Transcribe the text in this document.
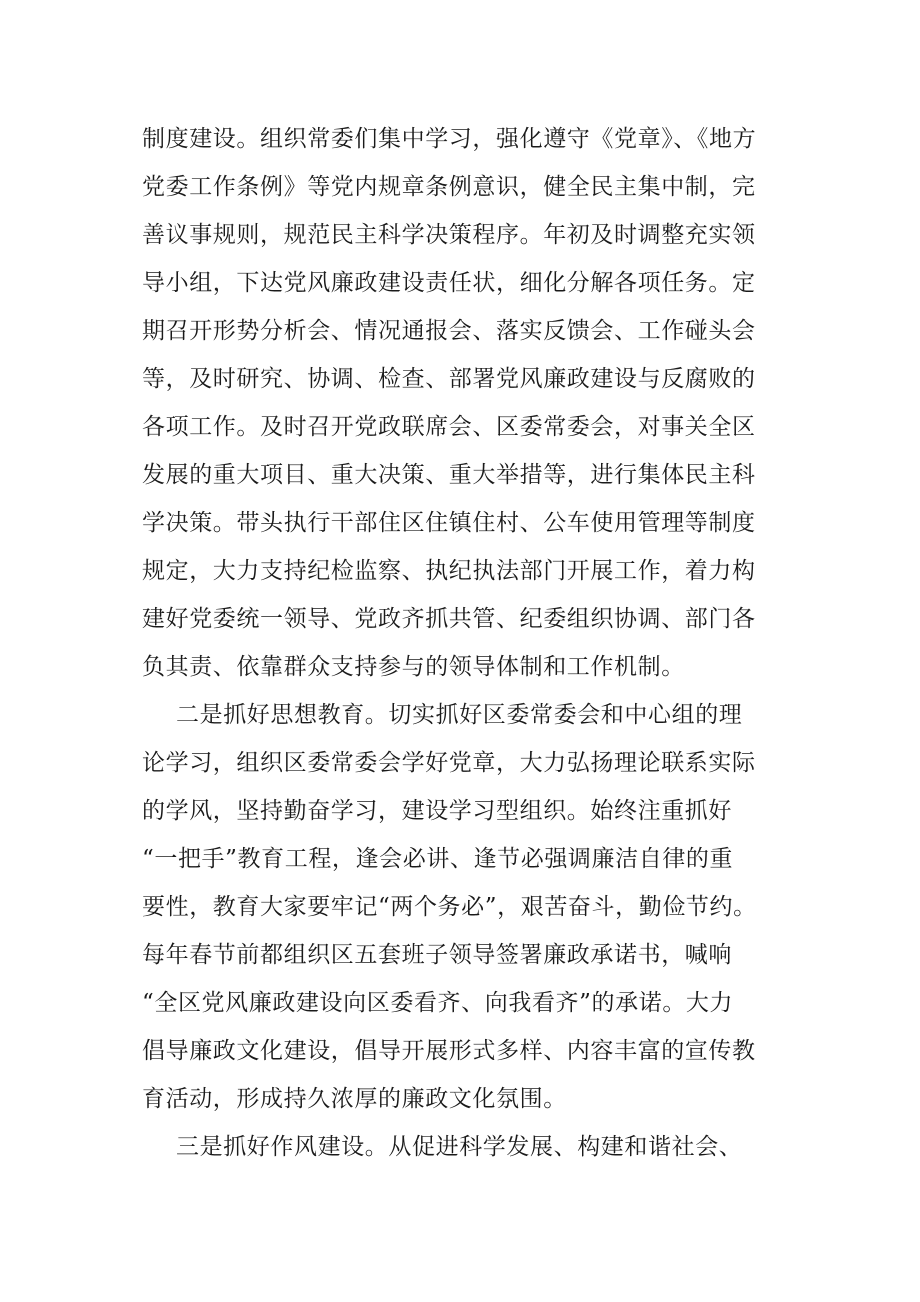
制度建设。组织常委们集中学习，强化遵守《党章》、《地方
党委工作条例》等党内规章条例意识，健全民主集中制，完
善议事规则，规范民主科学决策程序。年初及时调整充实领
导小组，下达党风廉政建设责任状，细化分解各项任务。定
期召开形势分析会、情况通报会、落实反馈会、工作碰头会
等，及时研究、协调、检查、部署党风廉政建设与反腐败的
各项工作。及时召开党政联席会、区委常委会，对事关全区
发展的重大项目、重大决策、重大举措等，进行集体民主科
学决策。带头执行干部住区住镇住村、公车使用管理等制度
规定，大力支持纪检监察、执纪执法部门开展工作，着力构
建好党委统一领导、党政齐抓共管、纪委组织协调、部门各
负其责、依靠群众支持参与的领导体制和工作机制。
二是抓好思想教育。切实抓好区委常委会和中心组的理
论学习，组织区委常委会学好党章，大力弘扬理论联系实际
的学风，坚持勤奋学习，建设学习型组织。始终注重抓好
“一把手”教育工程，逢会必讲、逢节必强调廉洁自律的重
要性，教育大家要牢记“两个务必”，艰苦奋斗，勤俭节约。
每年春节前都组织区五套班子领导签署廉政承诺书，喊响
“全区党风廉政建设向区委看齐、向我看齐”的承诺。大力
倡导廉政文化建设，倡导开展形式多样、内容丰富的宣传教
育活动，形成持久浓厚的廉政文化氛围。
三是抓好作风建设。从促进科学发展、构建和谐社会、
